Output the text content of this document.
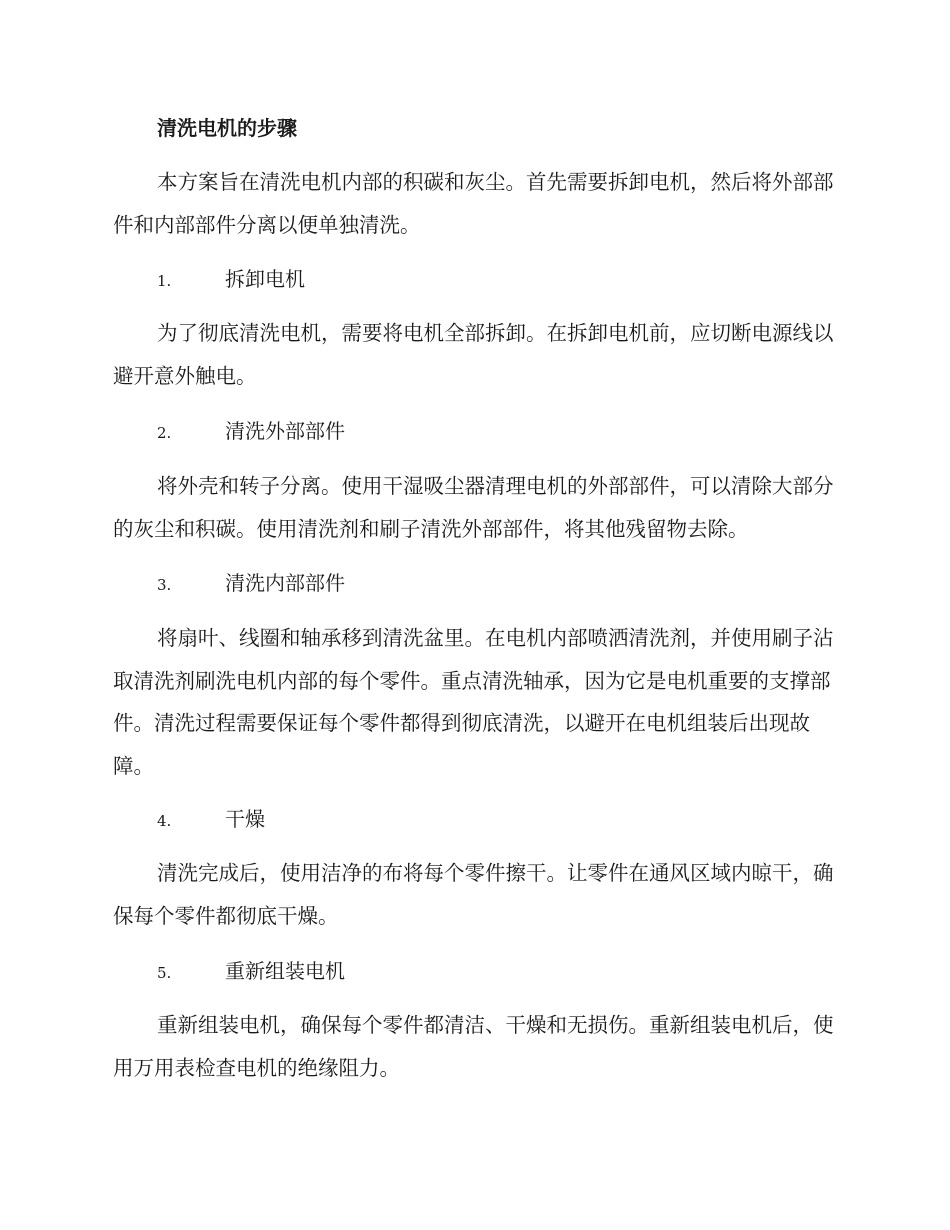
清洗电机的步骤

本方案旨在清洗电机内部的积碳和灰尘。首先需要拆卸电机，然后将外部部件和内部部件分离以便单独清洗。

1.	拆卸电机

为了彻底清洗电机，需要将电机全部拆卸。在拆卸电机前，应切断电源线以避开意外触电。

2.	清洗外部部件

将外壳和转子分离。使用干湿吸尘器清理电机的外部部件，可以清除大部分的灰尘和积碳。使用清洗剂和刷子清洗外部部件，将其他残留物去除。

3.	清洗内部部件

将扇叶、线圈和轴承移到清洗盆里。在电机内部喷洒清洗剂，并使用刷子沾取清洗剂刷洗电机内部的每个零件。重点清洗轴承，因为它是电机重要的支撑部件。清洗过程需要保证每个零件都得到彻底清洗，以避开在电机组装后出现故障。

4.	干燥

清洗完成后，使用洁净的布将每个零件擦干。让零件在通风区域内晾干，确保每个零件都彻底干燥。

5.	重新组装电机

重新组装电机，确保每个零件都清洁、干燥和无损伤。重新组装电机后，使用万用表检查电机的绝缘阻力。
